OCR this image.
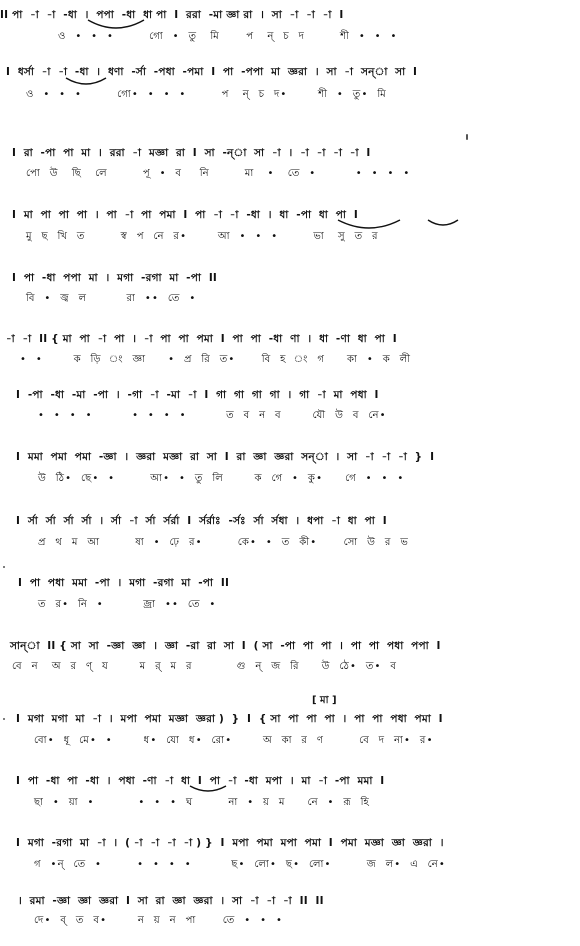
II পা  -া  -া  -ধা  ।  পপা  -ধা  ধা পা  I  ররা  -মা জ্ঞা রা  ।  সা  -া  -া  -া  I
ও  •  •  •        গো  •  তু   মি      প   ন্  চ  দ        শী  •  •  •
I  ধর্সা  -া  -া  -ধা  ।  ধণা  -র্সা  -পধা  -পমা  I  পা  -পপা  মা  জ্ঞরা  ।  সা  -া  সন্‌া  সা  I
ও  •  •  •        গো•  •  •  •        প   ন্  চ  দ•       শী  •  তু•  মি
I  রা  -পা  পা  মা  ।  ররা  -া  মজ্ঞা  রা  I  সা  -ন্‌া  সা  -া  ।  -া  -া  -া  -া  I
পো  উ   ছি   লে        পূ  •  ব    নি        মা   •   তে  •         •  •  •  •
I  মা  পা  পা  পা  ।  পা  -া  পা  পমা  I  পা  -া  -া  -ধা  ।  ধা  -পা  ধা  পা  I
মু  ছ  খি  ত        স্ব  প  নে  র•       আ  •  •  •        ভা   সু  ত  র
I  পা  -ধা  পপা  মা  ।  মগা  -রগা  মা  -পা  II
বি  •  জ্ব  ল         রা  ••  তে  •
-া  -া  II { মা  পা  -া  পা  ।  -া  পা  পা  পমা  I  পা  পা  -ধা  ণা  ।  ধা  -ণা  ধা  পা  I
•  •       ক  ড়ি  ং  জ্ঞা     •  প্র  রি  ত•      বি  হ  ং  গ     কা  •  ক  লী
I  -পা  -ধা  -মা  -পা  ।  -গা  -া  -মা  -া  I  গা  গা  গা  গা  ।  গা  -া  মা  পধা  I
•  •  •  •         •  •  •  •         ত  ব  ন  ব       যৌ  উ  ব  নে•
I  মমা  পমা  পমা  -জ্ঞা  ।  জ্ঞরা  মজ্ঞা  রা  সা  I  রা  জ্ঞা  জ্ঞরা  সন্‌া  ।  সা  -া  -া  -া  }  I
উ  ঠি•  ছে•  •        আ•  •  তু  লি       ক  গে  •  কু•     গে  •  •  •
I  র্সা  র্সা  র্সা  র্সা  ।  র্সা  -া  র্সা  র্সর্রা  I  র্সর্রাঃ  -র্সঃ  র্সা  র্সধা  ।  ধপা  -া  ধা  পা  I
প্র  থ  ম  আ        ষা  •  ঢ়ে  র•        কে•  •  ত  কী•      সো  উ  র  ভ
I  পা  পধা  মমা  -পা  ।  মগা  -রগা  মা  -পা  II
ত  র•  নি  •         জ্রা  ••  তে  •
সান্‌া  II { সা  সা  -জ্ঞা  জ্ঞা  ।  জ্ঞা  -রা  রা  সা  I  ( সা  -পা  পা  পা  ।  পা  পা  পধা  পপা  I
বে  ন   অ  র  ণ্  য       ম  র্  ম  র          গু  ন্  জ  রি     উ  ঠে•  ত•  ব
[ মা ]
I  মগা  মগা  মা  -া  ।  মপা  পমা  মজ্ঞা  জ্ঞরা )  }  I  { সা  পা  পা  পা  ।  পা  পা  পধা  পমা  I
বো•  ধূ  মে•  •       ধ•  যো  ধ•  রো•       অ  কা  র  ণ        বে  দ  না•  র•
I  পা  -ধা  পা  -ধা  ।  পধা  -ণা  -া  ধা  I  পা  -া  -ধা  মপা  ।  মা  -া  -পা  মমা  I
ছা  •  য়া  •          •  •  •  ঘ        না  •  য়  ম     নে  •  রূ  হি
I  মগা  -রগা  মা  -া  ।  ( -া  -া  -া  -া ) }  I  মপা  পমা  মপা  পমা  I  পমা  মজ্ঞা  জ্ঞা  জ্ঞরা  ।
গ  •ন্  তে  •        •  •  •  •         ছ•  লো•  ছ•  লো•        জ  ল•  এ  নে•
।  রমা  -জ্ঞা  জ্ঞা  জ্ঞরা  I  সা  রা  জ্ঞা  জ্ঞরা  ।  সা  -া  -া  -া  II  II
দে•  ব্  ত  ব•       ন  য়  ন  পা      তে  •  •  •
